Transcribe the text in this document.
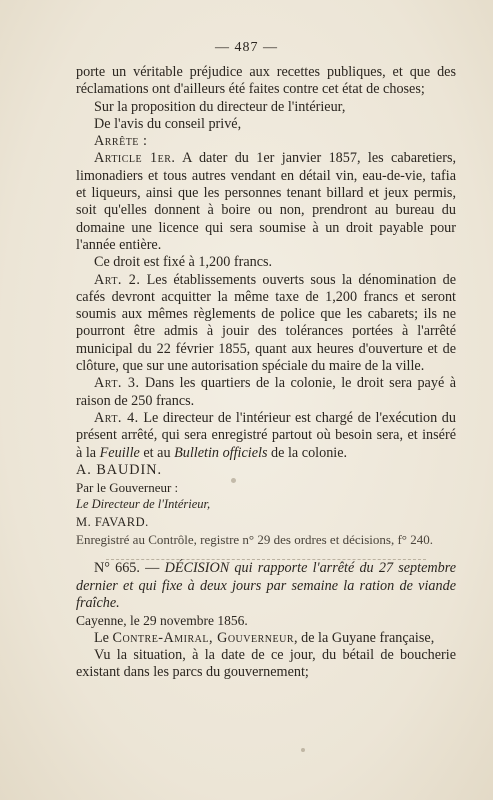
— 487 —

porte un véritable préjudice aux recettes publiques, et que des réclamations ont d'ailleurs été faites contre cet état de choses;

Sur la proposition du directeur de l'intérieur,

De l'avis du conseil privé,

Arrête :

Article 1er. A dater du 1er janvier 1857, les cabaretiers, limonadiers et tous autres vendant en détail vin, eau-de-vie, tafia et liqueurs, ainsi que les personnes tenant billard et jeux permis, soit qu'elles donnent à boire ou non, prendront au bureau du domaine une licence qui sera soumise à un droit payable pour l'année entière.

Ce droit est fixé à 1,200 francs.

Art. 2. Les établissements ouverts sous la dénomination de cafés devront acquitter la même taxe de 1,200 francs et seront soumis aux mêmes règlements de police que les cabarets; ils ne pourront être admis à jouir des tolérances portées à l'arrêté municipal du 22 février 1855, quant aux heures d'ouverture et de clôture, que sur une autorisation spéciale du maire de la ville.

Art. 3. Dans les quartiers de la colonie, le droit sera payé à raison de 250 francs.

Art. 4. Le directeur de l'intérieur est chargé de l'exécution du présent arrêté, qui sera enregistré partout où besoin sera, et inséré à la Feuille et au Bulletin officiels de la colonie.

A. BAUDIN.

Par le Gouverneur :

Le Directeur de l'Intérieur,

M. FAVARD.

Enregistré au Contrôle, registre n° 29 des ordres et décisions, f° 240.

N° 665. — DÉCISION qui rapporte l'arrêté du 27 septembre dernier et qui fixe à deux jours par semaine la ration de viande fraîche.

Cayenne, le 29 novembre 1856.

Le Contre-Amiral, Gouverneur, de la Guyane française,

Vu la situation, à la date de ce jour, du bétail de boucherie existant dans les parcs du gouvernement;
